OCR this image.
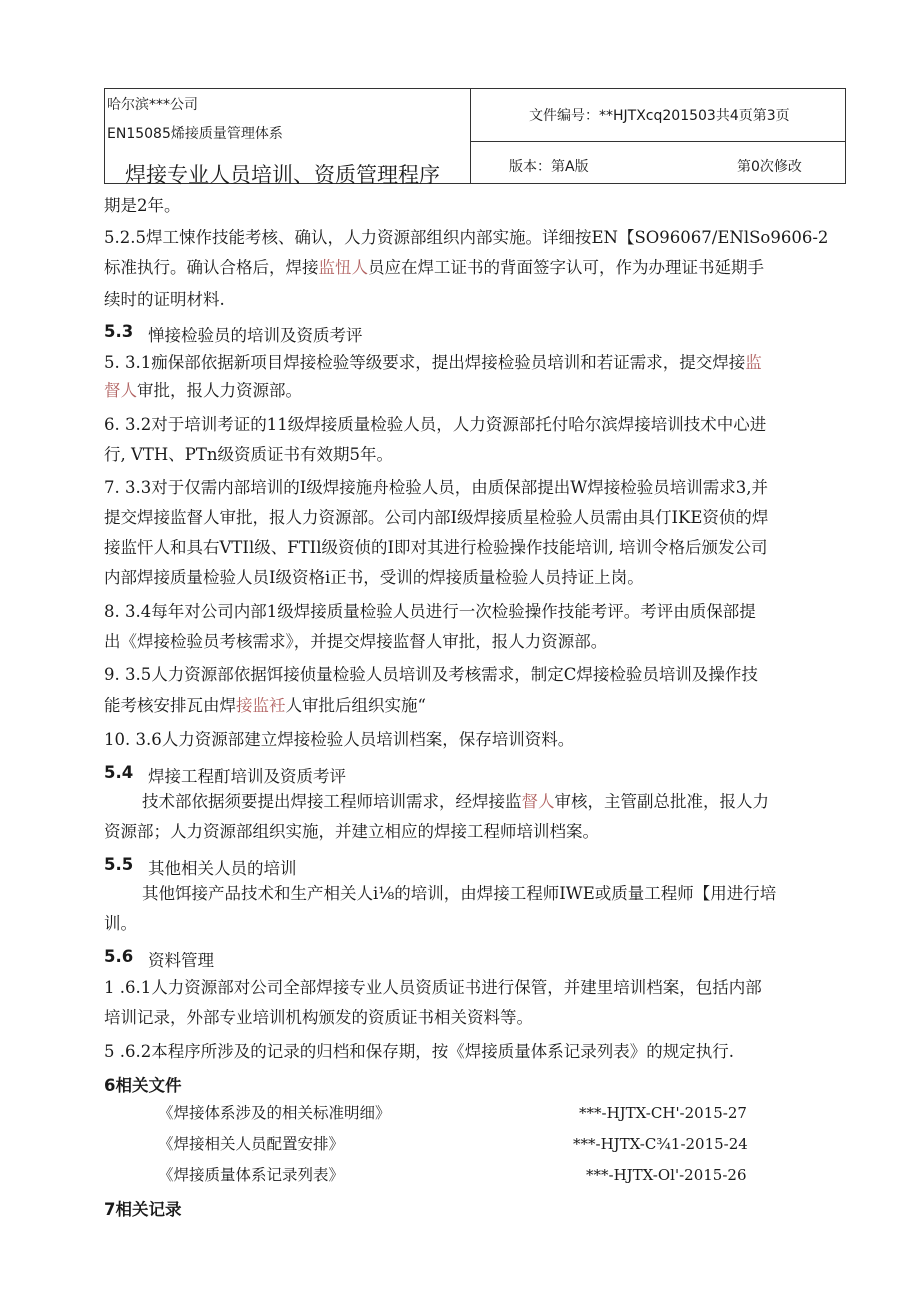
哈尔滨***公司
EN15085烯接质量管理体系
焊接专业人员培训、资质管理程序
文件编号：**HJTXcq201503共4页第3页
版本：第A版	第0次修改
期是2年。
5.2.5焊工悚作技能考核、确认，人力资源部组织内部实施。详细按EN【SO96067/ENlSo9606-2
标准执行。确认合格后，焊接监忸人员应在焊工证书的背面签字认可，作为办理证书延期手
续时的证明材料.
5.3 惮接检验员的培训及资质考评
5. 3.1痂保部依据新项目焊接检验等级要求，提出焊接检验员培训和若证需求，提交焊接监
督人审批，报人力资源部。
6. 3.2对于培训考证的11级焊接质量检验人员，人力资源部托付哈尔滨焊接培训技术中心进
行, VTH、PTn级资质证书有效期5年。
7. 3.3对于仅需内部培训的I级焊接施舟检验人员，由质保部提出W焊接检验员培训需求3,并
提交焊接监督人审批，报人力资源部。公司内部I级焊接质星检验人员需由具仃IKE资侦的焊
接监忓人和具右VTIl级、FTIl级资侦的I即对其进行检验操作技能培训, 培训令格后颁发公司
内部焊接质量检验人员I级资格i正书，受训的焊接质量检验人员持证上岗。
8. 3.4每年对公司内部1级焊接质量检验人员进行一次检验操作技能考评。考评由质保部提
出《焊接检验员考核需求》，并提交焊接监督人审批，报人力资源部。
9. 3.5人力资源部依据饵接侦量检验人员培训及考核需求，制定C焊接检验员培训及操作技
能考核安排瓦由焊接监衽人审批后组织实施“
10. 3.6人力资源部建立焊接检验人员培训档案，保存培训资料。
5.4 焊接工程酊培训及资质考评
技术部依据须要提出焊接工程师培训需求，经焊接监督人审核，主管副总批准，报人力
资源部；人力资源部组织实施，并建立相应的焊接工程师培训档案。
5.5 其他相关人员的培训
其他饵接产品技术和生产相关人i⅛的培训，由焊接工程师IWE或质量工程师【用进行培
训。
5.6 资料管理
1 .6.1人力资源部对公司全部焊接专业人员资质证书进行保管，并建里培训档案，包括内部
培训记录，外部专业培训机构颁发的资质证书相关资料等。
5 .6.2本程序所涉及的记录的归档和保存期，按《焊接质量体系记录列表》的规定执行.
6相关文件
《焊接体系涉及的相关标准明细》	***-HJTX-CH'-2015-27
《焊接相关人员配置安排》	***-HJTX-C¾1-2015-24
《焊接质量体系记录列表》	***-HJTX-Ol'-2015-26
7相关记录
